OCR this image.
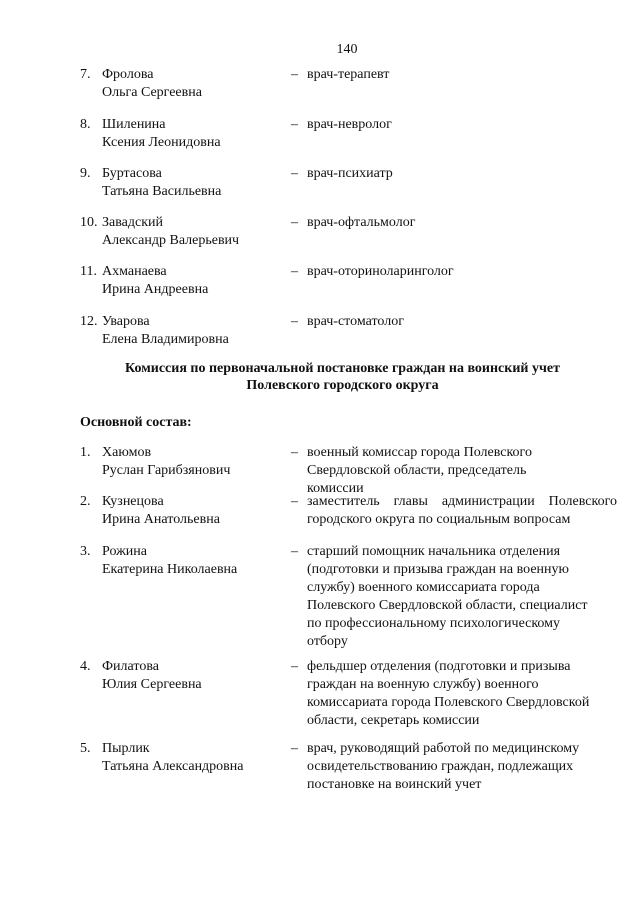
140
7. Фролова
Ольга Сергеевна
– врач-терапевт
8. Шиленина
Ксения Леонидовна
– врач-невролог
9. Буртасова
Татьяна Васильевна
– врач-психиатр
10. Завадский
Александр Валерьевич
– врач-офтальмолог
11. Ахманаева
Ирина Андреевна
– врач-оториноларинголог
12. Уварова
Елена Владимировна
– врач-стоматолог
Комиссия по первоначальной постановке граждан на воинский учет
Полевского городского округа
Основной состав:
1. Хаюмов
Руслан Гарибзянович
– военный комиссар города Полевского Свердловской области, председатель комиссии
2. Кузнецова
Ирина Анатольевна
– заместитель главы администрации Полевского городского округа по социальным вопросам
3. Рожина
Екатерина Николаевна
– старший помощник начальника отделения (подготовки и призыва граждан на военную службу) военного комиссариата города Полевского Свердловской области, специалист по профессиональному психологическому отбору
4. Филатова
Юлия Сергеевна
– фельдшер отделения (подготовки и призыва граждан на военную службу) военного комиссариата города Полевского Свердловской области, секретарь комиссии
5. Пырлик
Татьяна Александровна
– врач, руководящий работой по медицинскому освидетельствованию граждан, подлежащих постановке на воинский учет
